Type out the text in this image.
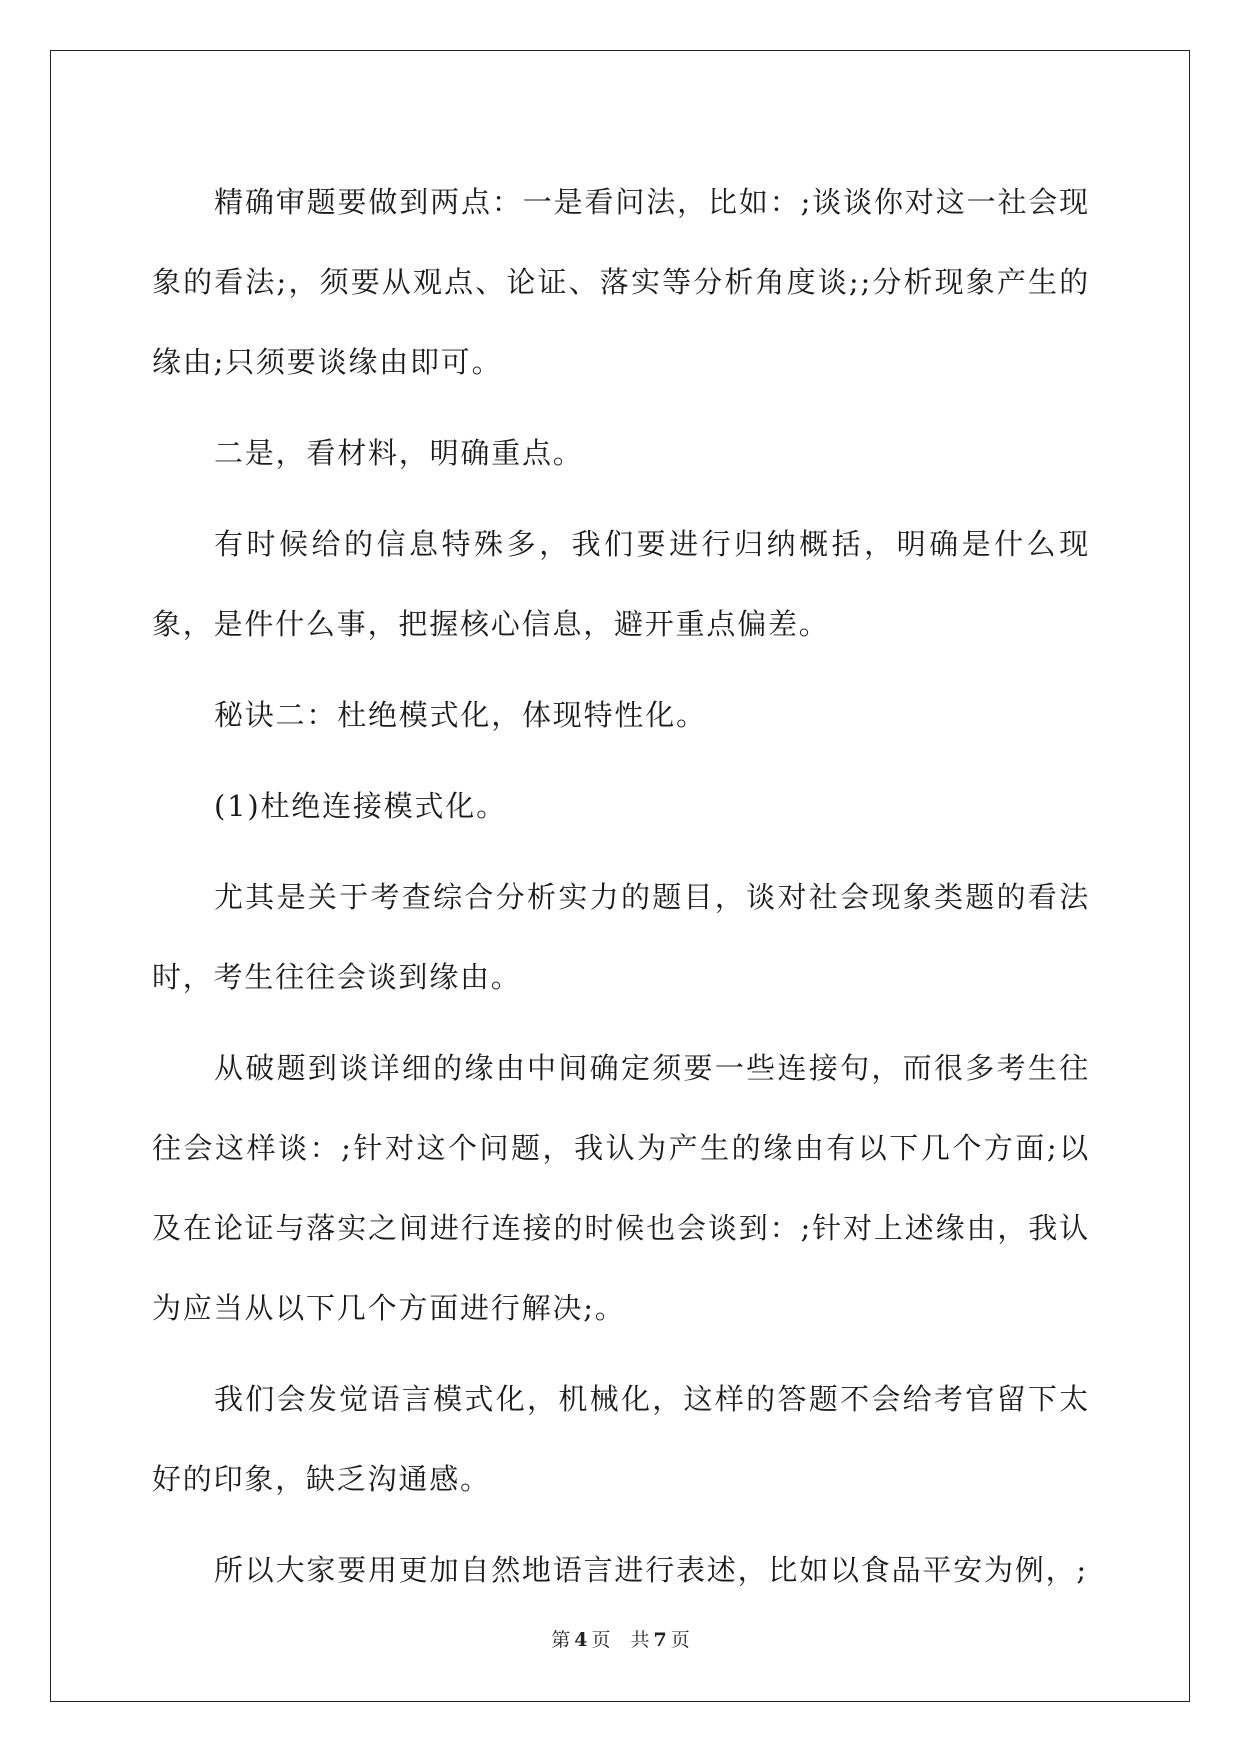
精确审题要做到两点：一是看问法，比如：;谈谈你对这一社会现象的看法;，须要从观点、论证、落实等分析角度谈;;分析现象产生的缘由;只须要谈缘由即可。

二是，看材料，明确重点。

有时候给的信息特殊多，我们要进行归纳概括，明确是什么现象，是件什么事，把握核心信息，避开重点偏差。

秘诀二：杜绝模式化，体现特性化。

(1)杜绝连接模式化。

尤其是关于考查综合分析实力的题目，谈对社会现象类题的看法时，考生往往会谈到缘由。

从破题到谈详细的缘由中间确定须要一些连接句，而很多考生往往会这样谈：;针对这个问题，我认为产生的缘由有以下几个方面;以及在论证与落实之间进行连接的时候也会谈到：;针对上述缘由，我认为应当从以下几个方面进行解决;。

我们会发觉语言模式化，机械化，这样的答题不会给考官留下太好的印象，缺乏沟通感。

所以大家要用更加自然地语言进行表述，比如以食品平安为例，;

第 4 页 共 7 页
